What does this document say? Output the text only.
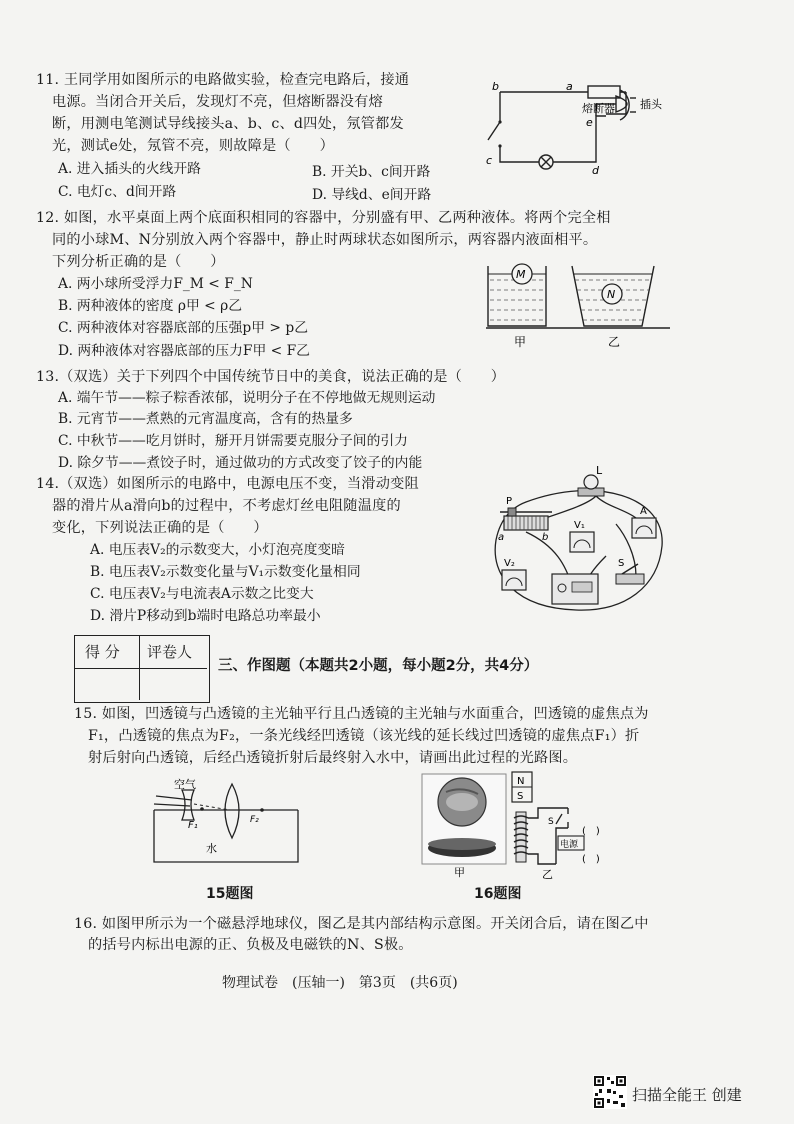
11. 王同学用如图所示的电路做实验，检查完电路后，接通
电源。当闭合开关后，发现灯不亮，但熔断器没有熔
断，用测电笔测试导线接头a、b、c、d四处，氖管都发
光，测试e处，氖管不亮，则故障是（　　）
A. 进入插头的火线开路	B. 开关b、c间开路
C. 电灯c、d间开路	D. 导线d、e间开路
b	a
熔断器
e
插头
c
d
12. 如图，水平桌面上两个底面积相同的容器中，分别盛有甲、乙两种液体。将两个完全相
同的小球M、N分别放入两个容器中，静止时两球状态如图所示，两容器内液面相平。
下列分析正确的是（　　）
A. 两小球所受浮力F_M < F_N
B. 两种液体的密度 ρ甲 < ρ乙
C. 两种液体对容器底部的压强p甲 > p乙
D. 两种液体对容器底部的压力F甲 < F乙
M
N
甲	乙
13.（双选）关于下列四个中国传统节日中的美食，说法正确的是（　　）
A. 端午节——粽子粽香浓郁，说明分子在不停地做无规则运动
B. 元宵节——煮熟的元宵温度高，含有的热量多
C. 中秋节——吃月饼时，掰开月饼需要克服分子间的引力
D. 除夕节——煮饺子时，通过做功的方式改变了饺子的内能
14.（双选）如图所示的电路中，电源电压不变，当滑动变阻
器的滑片从a滑向b的过程中，不考虑灯丝电阻随温度的
变化，下列说法正确的是（　　）
A. 电压表V₂的示数变大，小灯泡亮度变暗
B. 电压表V₂示数变化量与V₁示数变化量相同
C. 电压表V₂与电流表A示数之比变大
D. 滑片P移动到b端时电路总功率最小
P
a	b
L
V₁
A
V₂	S
得 分 评卷人
三、作图题（本题共2小题，每小题2分，共4分）
15. 如图，凹透镜与凸透镜的主光轴平行且凸透镜的主光轴与水面重合，凹透镜的虚焦点为
F₁，凸透镜的焦点为F₂，一条光线经凹透镜（该光线的延长线过凹透镜的虚焦点F₁）折
射后射向凸透镜，后经凸透镜折射后最终射入水中，请画出此过程的光路图。
空气
F₁	F₂
水
15题图
甲
N
S
S
电源
(　)
(　)
乙
16题图
16. 如图甲所示为一个磁悬浮地球仪，图乙是其内部结构示意图。开关闭合后，请在图乙中
的括号内标出电源的正、负极及电磁铁的N、S极。
物理试卷　(压轴一)　第3页　(共6页)
扫描全能王 创建
